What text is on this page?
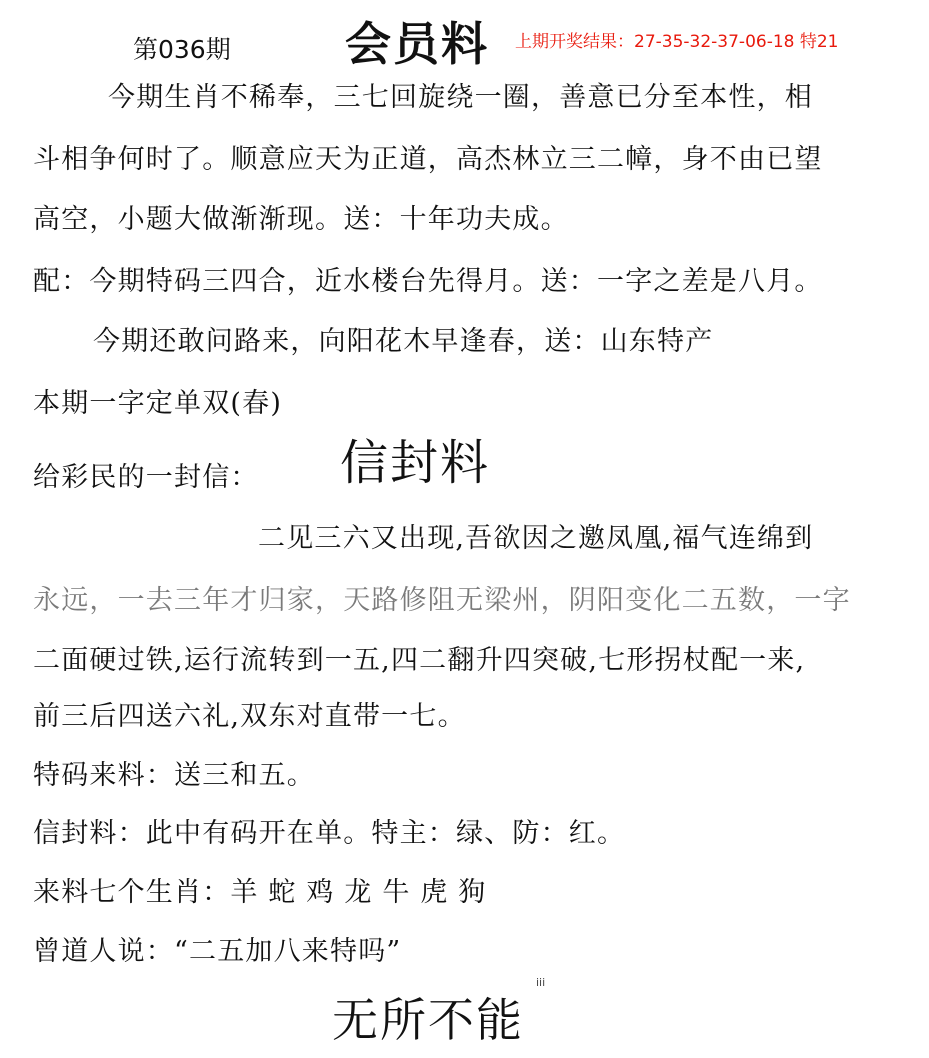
第036期 会员料 上期开奖结果：27-35-32-37-06-18 特21
今期生肖不稀奉，三七回旋绕一圈，善意已分至本性，相
斗相争何时了。顺意应天为正道，高杰林立三二幛，身不由已望
高空，小题大做渐渐现。送：十年功夫成。
配：今期特码三四合，近水楼台先得月。送：一字之差是八月。
今期还敢问路来，向阳花木早逢春，送：山东特产
本期一字定单双(春)
信封料
给彩民的一封信：
二见三六又出现,吾欲因之邀凤凰,福气连绵到
永远，一去三年才归家，天路修阻无梁州，阴阳变化二五数，一字
二面硬过铁,运行流转到一五,四二翻升四突破,七形拐杖配一来,
前三后四送六礼,双东对直带一七。
特码来料：送三和五。
信封料：此中有码开在单。特主：绿、防：红。
来料七个生肖：羊 蛇 鸡 龙 牛 虎 狗
曾道人说：“二五加八来特吗”
无所不能
iii
